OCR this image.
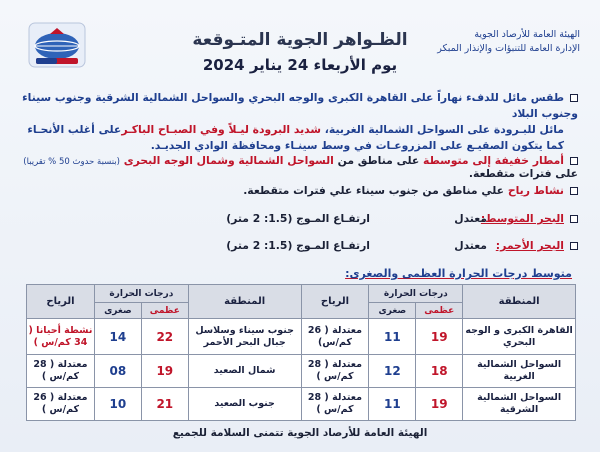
الهيئة العامة للأرصاد الجوية
الإدارة العامة للتنبؤات والإنذار المبكر
الظـواهر الجوية المتـوقعة
يوم الأربعاء 24 يناير 2024
طقس مائل للدفء نهاراً على القاهرة الكبرى والوجه البحري والسواحل الشمالية الشرقية وجنوب سيناء وجنوب البلاد
مائل للبـرودة على السواحل الشمالية الغربية، شديد البرودة ليـلاً وفي الصبـاح الباكـرعلى أغلب الأنحـاء
كما يتكون الصقيـع على المزروعـات في وسط سينـاء ومحافظة الوادي الجديـد.
أمطار خفيفة إلى متوسطة على مناطق من السواحل الشمالية وشمال الوجه البحرى (بنسبة حدوث 50 % تقريبا) على فترات متقطعة.
نشاط رياح علي مناطق من جنوب سيناء علي فترات متقطعة.
البحر المتوسط:
معتدل
ارتفـاع المـوج (1.5: 2 متر)
البحر الأحمر:
معتدل
ارتفـاع المـوج (1.5: 2 متر)
متوسط درجات الحرارة العظمى والصغرى:
المنطقة	درجات الحرارة		الرياح	المنطقة	درجات الحرارة		الرياح
	عظمى	صغرى			عظمى	صغرى	
القاهرة الكبرى و الوجه البحري	19	11	معتدلة ( 26 كم/س)	جنوب سيناء وسلاسل جبال البحر الأحمر	22	14	نشطة أحيانا ( 34 كم/س )
السواحل الشمالية الغربية	18	12	معتدلة ( 28 كم/س )	شمال الصعيد	19	08	معتدلة ( 28 كم/س )
السواحل الشمالية الشرقية	19	11	معتدلة ( 28 كم/س )	جنوب الصعيد	21	10	معتدلة ( 26 كم/س )
الهيئة العامة للأرصاد الجوية تتمنى السلامة للجميع
